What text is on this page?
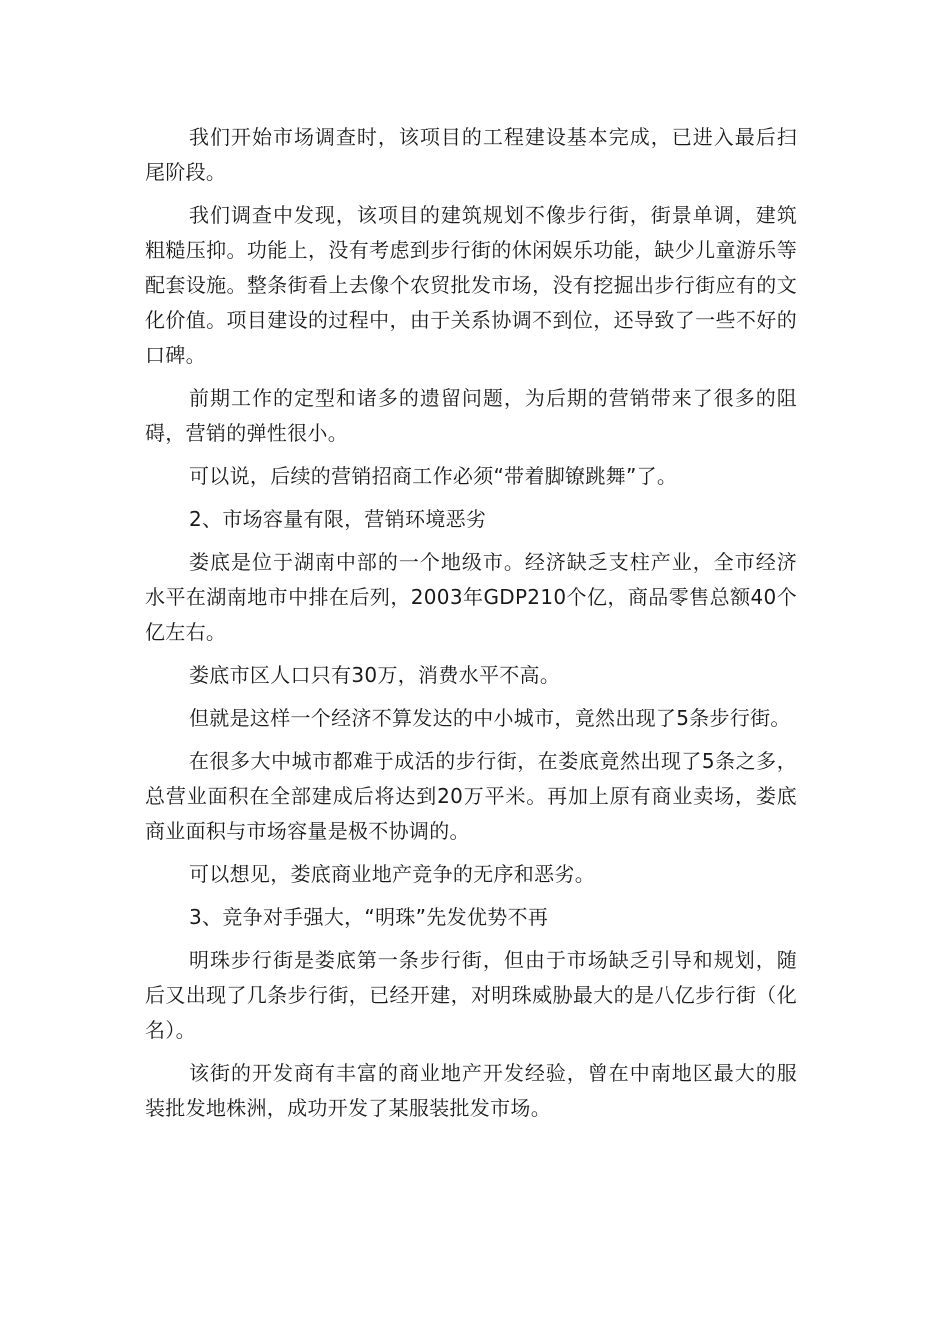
我们开始市场调查时，该项目的工程建设基本完成，已进入最后扫尾阶段。

我们调查中发现，该项目的建筑规划不像步行街，街景单调，建筑粗糙压抑。功能上，没有考虑到步行街的休闲娱乐功能，缺少儿童游乐等配套设施。整条街看上去像个农贸批发市场，没有挖掘出步行街应有的文化价值。项目建设的过程中，由于关系协调不到位，还导致了一些不好的口碑。

前期工作的定型和诸多的遗留问题，为后期的营销带来了很多的阻碍，营销的弹性很小。

可以说，后续的营销招商工作必须“带着脚镣跳舞”了。

2、市场容量有限，营销环境恶劣

娄底是位于湖南中部的一个地级市。经济缺乏支柱产业，全市经济水平在湖南地市中排在后列，2003年GDP210个亿，商品零售总额40个亿左右。

娄底市区人口只有30万，消费水平不高。

但就是这样一个经济不算发达的中小城市，竟然出现了5条步行街。

在很多大中城市都难于成活的步行街，在娄底竟然出现了5条之多，总营业面积在全部建成后将达到20万平米。再加上原有商业卖场，娄底商业面积与市场容量是极不协调的。

可以想见，娄底商业地产竞争的无序和恶劣。

3、竞争对手强大，“明珠”先发优势不再

明珠步行街是娄底第一条步行街，但由于市场缺乏引导和规划，随后又出现了几条步行街，已经开建，对明珠威胁最大的是八亿步行街（化名）。

该街的开发商有丰富的商业地产开发经验，曾在中南地区最大的服装批发地株洲，成功开发了某服装批发市场。
